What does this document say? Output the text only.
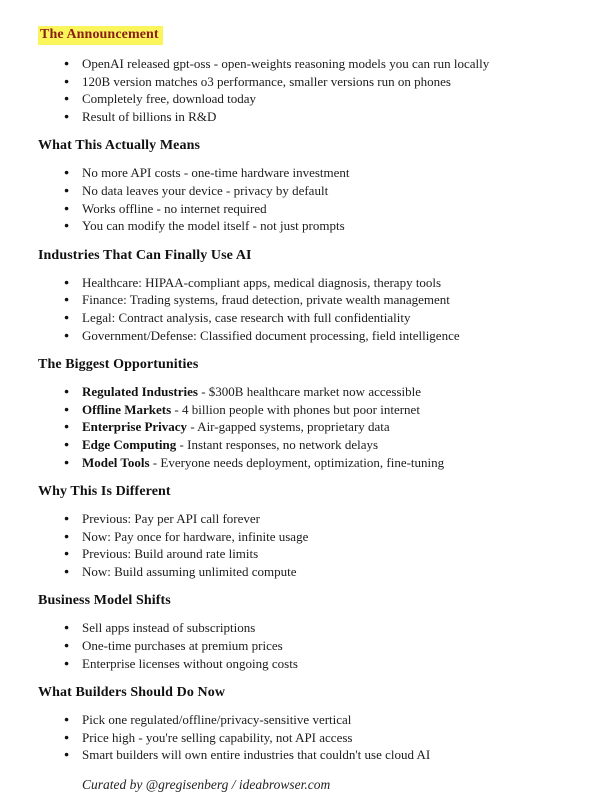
The Announcement
● OpenAI released gpt-oss - open-weights reasoning models you can run locally
● 120B version matches o3 performance, smaller versions run on phones
● Completely free, download today
● Result of billions in R&D
What This Actually Means
● No more API costs - one-time hardware investment
● No data leaves your device - privacy by default
● Works offline - no internet required
● You can modify the model itself - not just prompts
Industries That Can Finally Use AI
● Healthcare: HIPAA-compliant apps, medical diagnosis, therapy tools
● Finance: Trading systems, fraud detection, private wealth management
● Legal: Contract analysis, case research with full confidentiality
● Government/Defense: Classified document processing, field intelligence
The Biggest Opportunities
● Regulated Industries - $300B healthcare market now accessible
● Offline Markets - 4 billion people with phones but poor internet
● Enterprise Privacy - Air-gapped systems, proprietary data
● Edge Computing - Instant responses, no network delays
● Model Tools - Everyone needs deployment, optimization, fine-tuning
Why This Is Different
● Previous: Pay per API call forever
● Now: Pay once for hardware, infinite usage
● Previous: Build around rate limits
● Now: Build assuming unlimited compute
Business Model Shifts
● Sell apps instead of subscriptions
● One-time purchases at premium prices
● Enterprise licenses without ongoing costs
What Builders Should Do Now
● Pick one regulated/offline/privacy-sensitive vertical
● Price high - you're selling capability, not API access
● Smart builders will own entire industries that couldn't use cloud AI
Curated by @gregisenberg / ideabrowser.com
